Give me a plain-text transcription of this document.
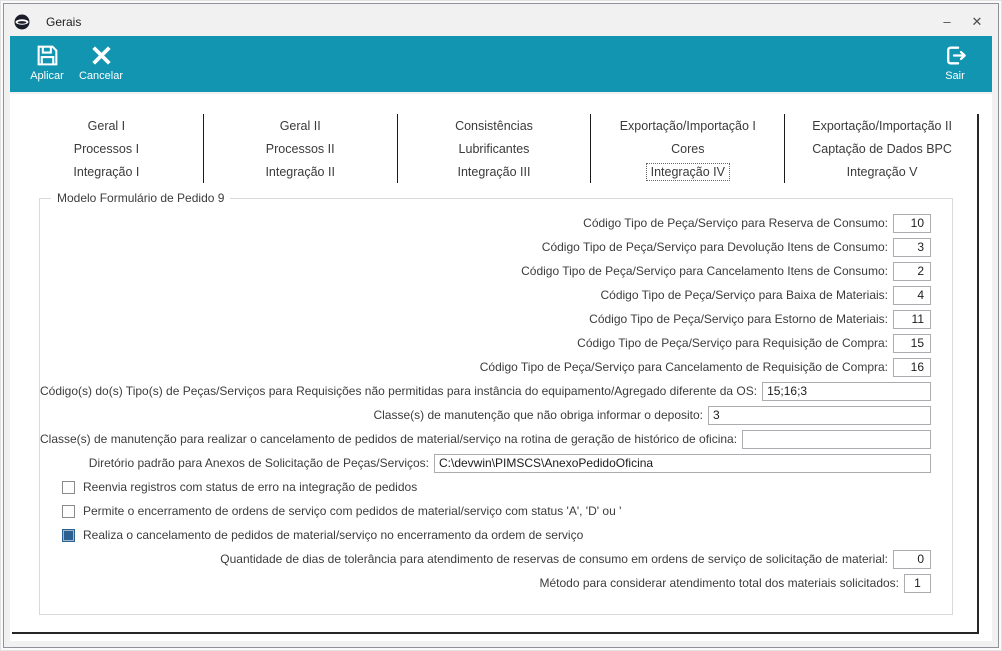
Gerais	–	✕
Aplicar Cancelar	Sair
Geral I	Geral II	Consistências	Exportação/Importação I	Exportação/Importação II
Processos I	Processos II	Lubrificantes	Cores	Captação de Dados BPC
Integração I	Integração II	Integração III	Integração IV	Integração V
Modelo Formulário de Pedido 9
Código Tipo de Peça/Serviço para Reserva de Consumo:
10
Código Tipo de Peça/Serviço para Devolução Itens de Consumo:
3
Código Tipo de Peça/Serviço para Cancelamento Itens de Consumo:
2
Código Tipo de Peça/Serviço para Baixa de Materiais:
4
Código Tipo de Peça/Serviço para Estorno de Materiais:
11
Código Tipo de Peça/Serviço para Requisição de Compra:
15
Código Tipo de Peça/Serviço para Cancelamento de Requisição de Compra:
16
Código(s) do(s) Tipo(s) de Peças/Serviços para Requisições não permitidas para instância do equipamento/Agregado diferente da OS:
15;16;3
Classe(s) de manutenção que não obriga informar o deposito:
3
Classe(s) de manutenção para realizar o cancelamento de pedidos de material/serviço na rotina de geração de histórico de oficina:
Diretório padrão para Anexos de Solicitação de Peças/Serviços:
C:\devwin\PIMSCS\AnexoPedidoOficina
Reenvia registros com status de erro na integração de pedidos
Permite o encerramento de ordens de serviço com pedidos de material/serviço com status 'A', 'D' ou '
Realiza o cancelamento de pedidos de material/serviço no encerramento da ordem de serviço
Quantidade de dias de tolerância para atendimento de reservas de consumo em ordens de serviço de solicitação de material:
0
Método para considerar atendimento total dos materiais solicitados:
1
